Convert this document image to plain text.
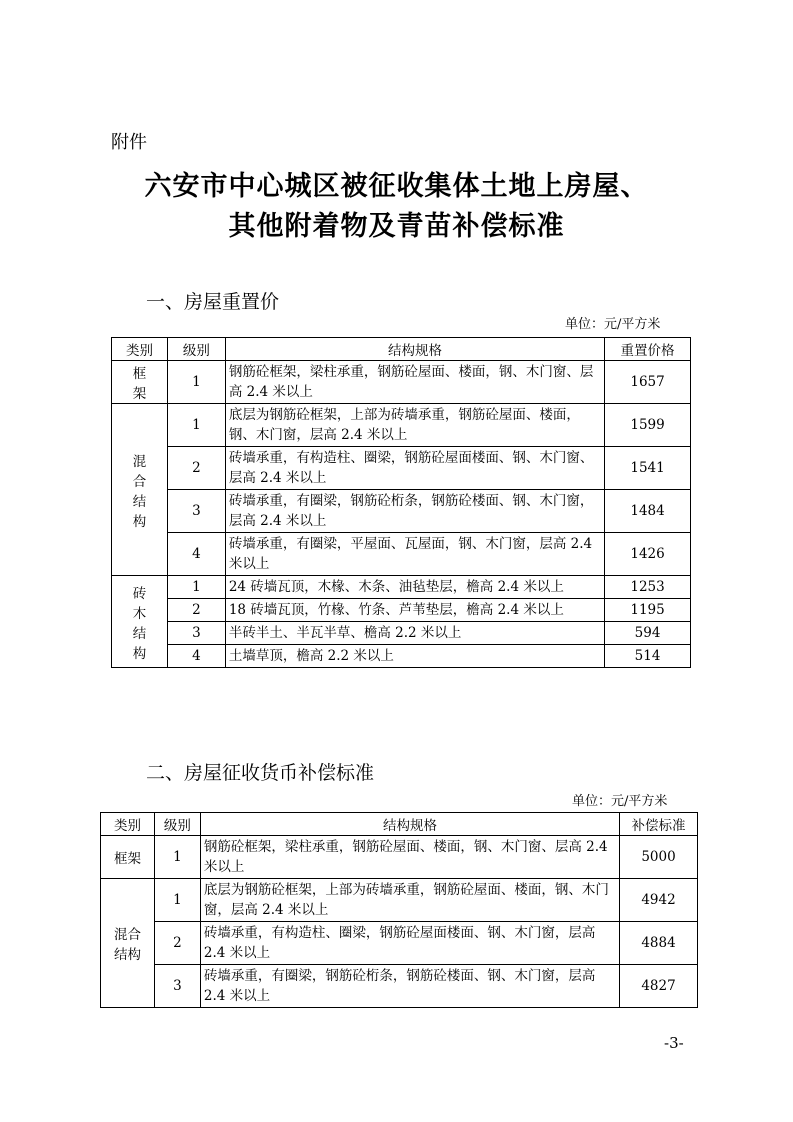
附件
六安市中心城区被征收集体土地上房屋、
其他附着物及青苗补偿标准
一、房屋重置价
单位：元/平方米
类别	级别	结构规格	重置价格
框
架	1	钢筋砼框架，梁柱承重，钢筋砼屋面、楼面，钢、木门窗、层高 2.4 米以上	1657
混
合
结
构	1	底层为钢筋砼框架，上部为砖墙承重，钢筋砼屋面、楼面，钢、木门窗，层高 2.4 米以上	1599
	2	砖墙承重，有构造柱、圈梁，钢筋砼屋面楼面、钢、木门窗、层高 2.4 米以上	1541
	3	砖墙承重，有圈梁，钢筋砼桁条，钢筋砼楼面、钢、木门窗，层高 2.4 米以上	1484
	4	砖墙承重，有圈梁，平屋面、瓦屋面，钢、木门窗，层高 2.4 米以上	1426
砖
木
结
构	1	24 砖墙瓦顶，木椽、木条、油毡垫层，檐高 2.4 米以上	1253
	2	18 砖墙瓦顶，竹椽、竹条、芦苇垫层，檐高 2.4 米以上	1195
	3	半砖半土、半瓦半草、檐高 2.2 米以上	594
	4	土墙草顶，檐高 2.2 米以上	514
二、房屋征收货币补偿标准
单位：元/平方米
类别	级别	结构规格	补偿标准
框架	1	钢筋砼框架，梁柱承重，钢筋砼屋面、楼面，钢、木门窗、层高 2.4 米以上	5000
混合
结构	1	底层为钢筋砼框架，上部为砖墙承重，钢筋砼屋面、楼面，钢、木门窗，层高 2.4 米以上	4942
	2	砖墙承重，有构造柱、圈梁，钢筋砼屋面楼面、钢、木门窗，层高 2.4 米以上	4884
	3	砖墙承重，有圈梁，钢筋砼桁条，钢筋砼楼面、钢、木门窗，层高 2.4 米以上	4827
-3-
